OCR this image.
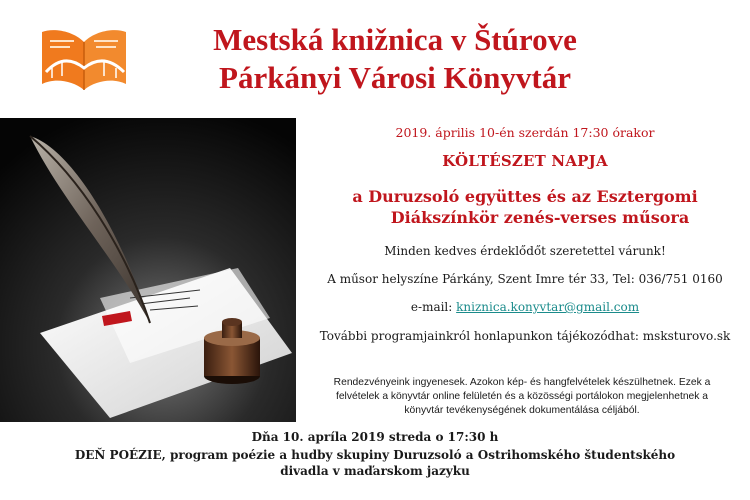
Mestská knižnica v Štúrove
Párkányi Városi Könyvtár
2019. április 10-én szerdán 17:30 órakor
KÖLTÉSZET NAPJA
a Duruzsoló együttes és az Esztergomi
Diákszínkör zenés-verses műsora
Minden kedves érdeklődőt szeretettel várunk!
A műsor helyszíne Párkány, Szent Imre tér 33, Tel: 036/751 0160
e-mail: kniznica.konyvtar@gmail.com
További programjainkról honlapunkon tájékozódhat: msksturovo.sk
Rendezvényeink ingyenesek. Azokon kép- és hangfelvételek készülhetnek. Ezek a
felvételek a könyvtár online felületén és a közösségi portálokon megjelenhetnek a
könyvtár tevékenységének dokumentálása céljából.
Dňa 10. apríla 2019 streda o 17:30 h
DEŇ POÉZIE, program poézie a hudby skupiny Duruzsoló a Ostrihomského študentského divadla v maďarskom jazyku
